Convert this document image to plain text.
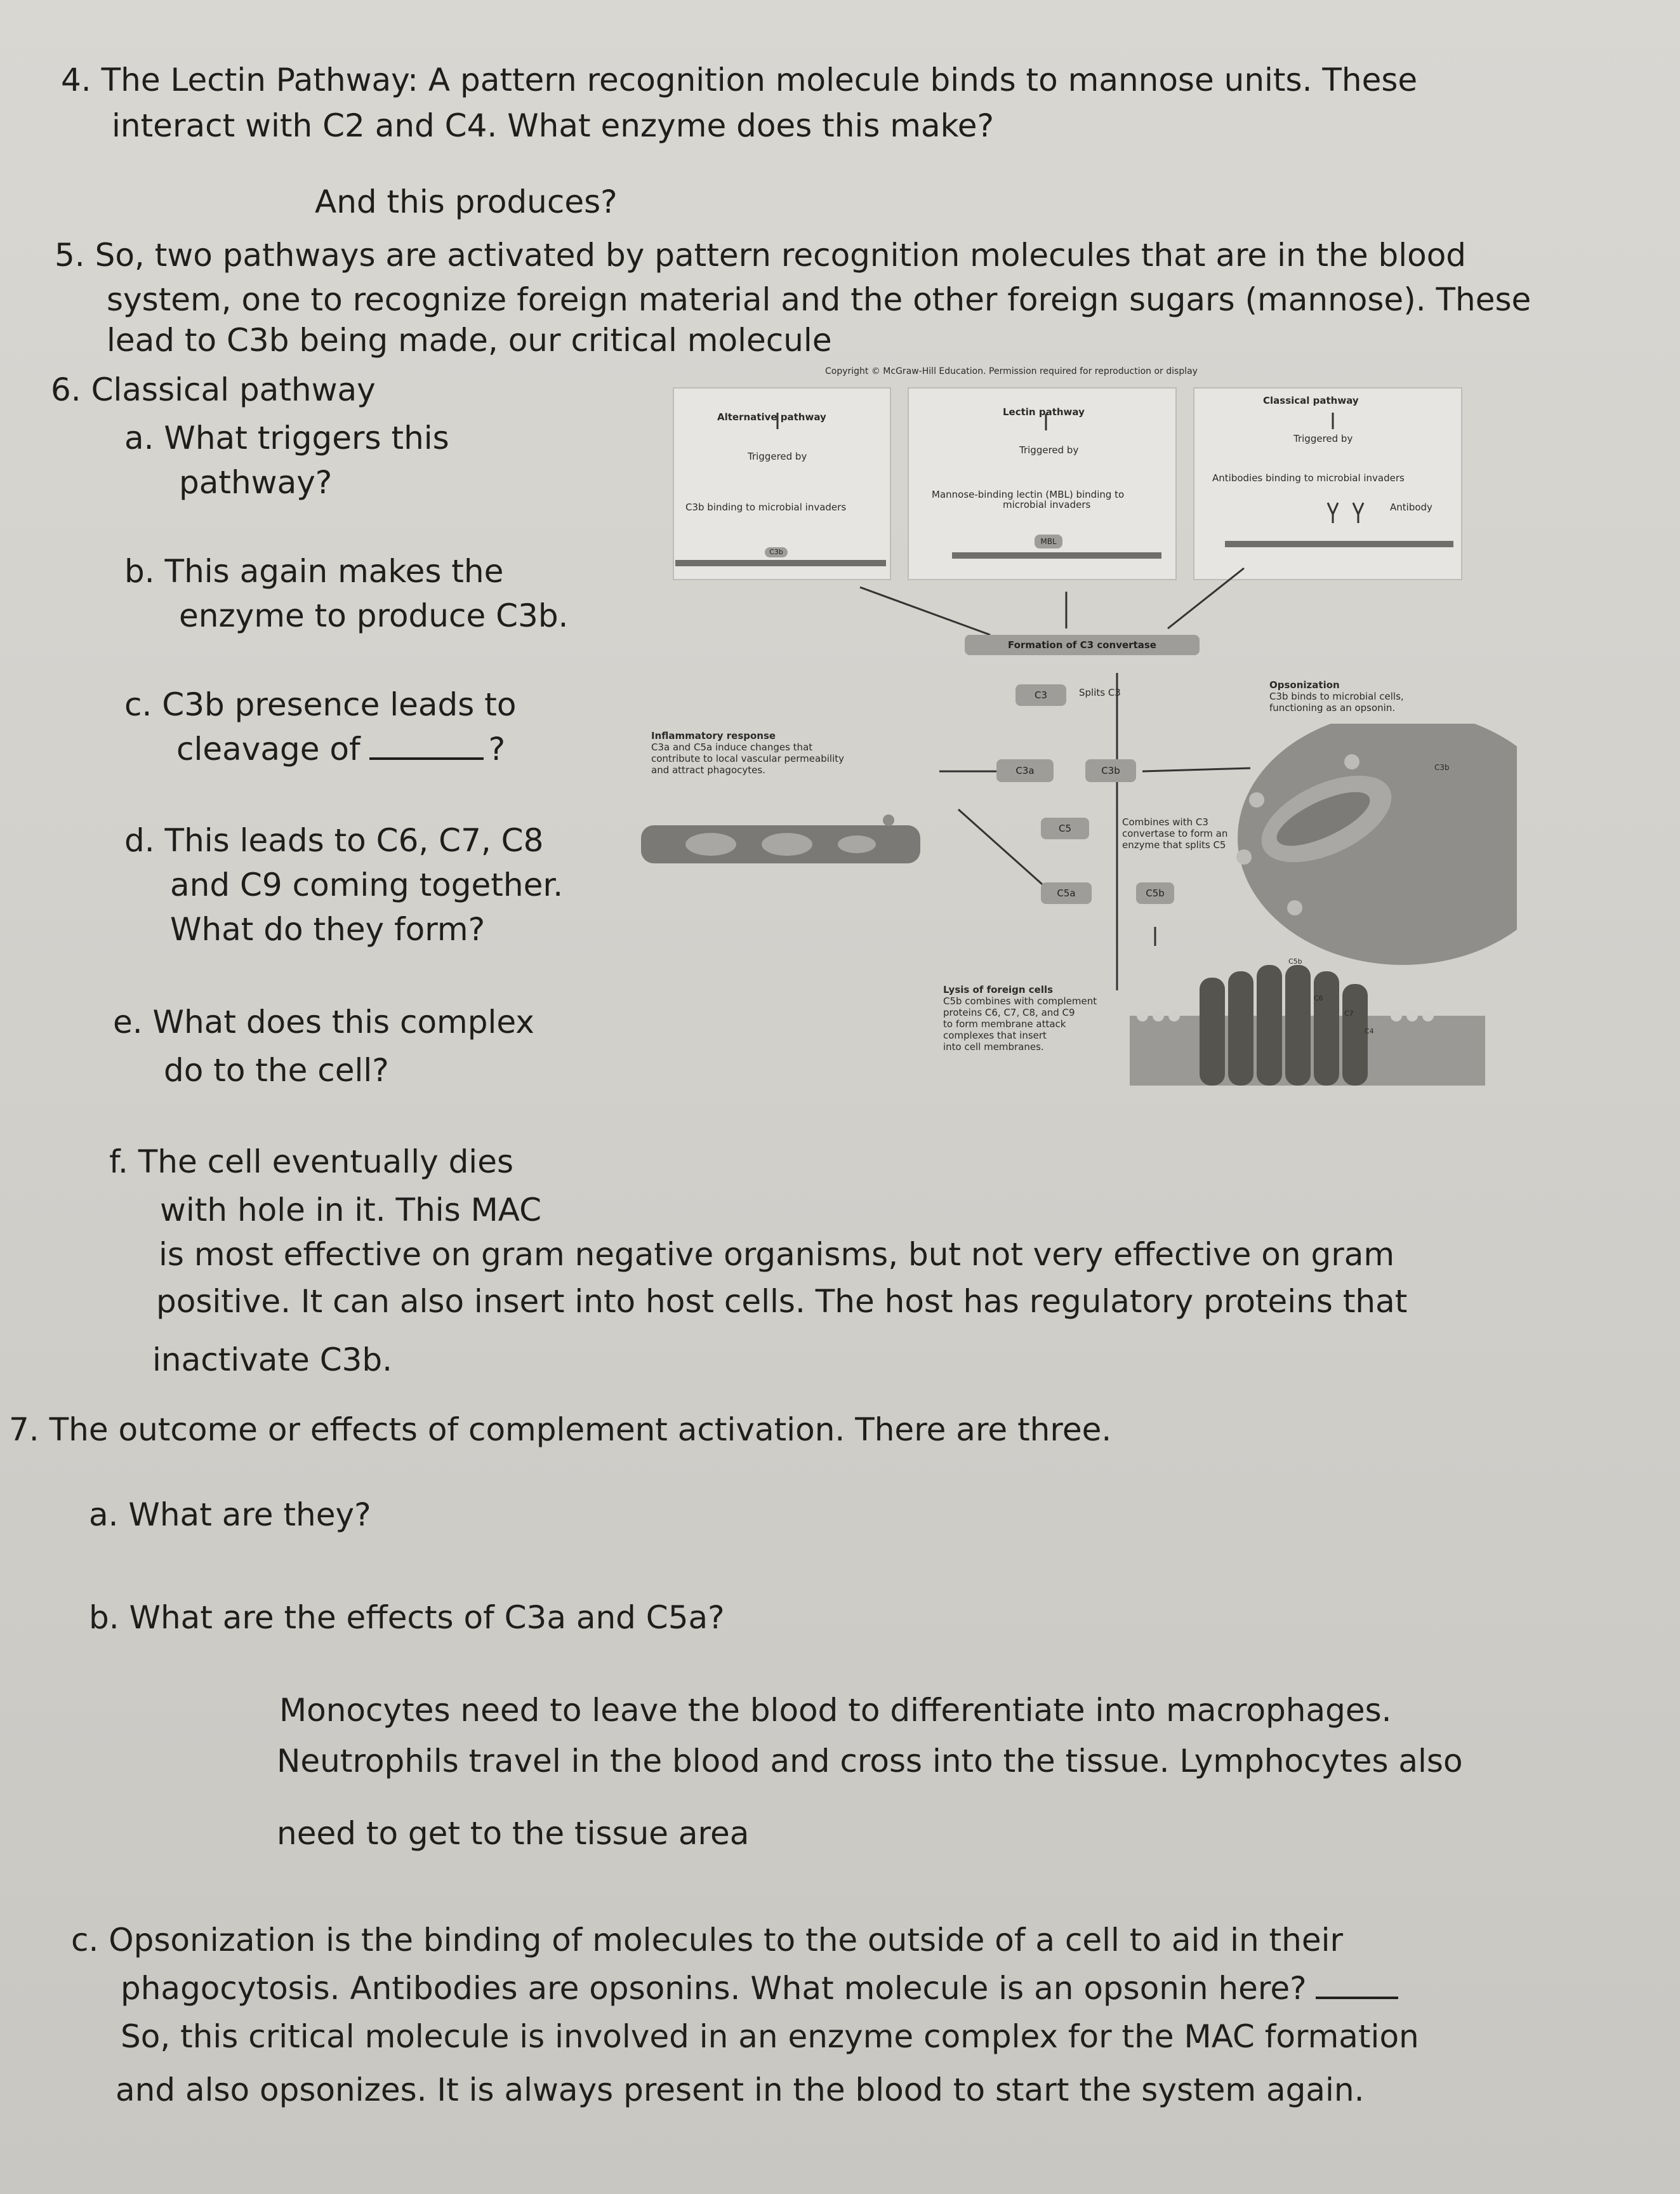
4. The Lectin Pathway: A pattern recognition molecule binds to mannose units. These
interact with C2 and C4. What enzyme does this make?
And this produces?
5. So, two pathways are activated by pattern recognition molecules that are in the blood
system, one to recognize foreign material and the other foreign sugars (mannose). These
lead to C3b being made, our critical molecule
6. Classical pathway
a. What triggers this
pathway?
b. This again makes the
enzyme to produce C3b.
c. C3b presence leads to
cleavage of	?
d. This leads to C6, C7, C8
and C9 coming together.
What do they form?
e. What does this complex
do to the cell?
f. The cell eventually dies
with hole in it. This MAC
is most effective on gram negative organisms, but not very effective on gram
positive. It can also insert into host cells. The host has regulatory proteins that
inactivate C3b.
7. The outcome or effects of complement activation. There are three.
a. What are they?
b. What are the effects of C3a and C5a?
Monocytes need to leave the blood to differentiate into macrophages.
Neutrophils travel in the blood and cross into the tissue. Lymphocytes also
need to get to the tissue area
c. Opsonization is the binding of molecules to the outside of a cell to aid in their
phagocytosis. Antibodies are opsonins. What molecule is an opsonin here?
So, this critical molecule is involved in an enzyme complex for the MAC formation
and also opsonizes. It is always present in the blood to start the system again.
Copyright © McGraw-Hill Education. Permission required for reproduction or display
Alternative pathway
Triggered by
C3b binding to microbial invaders
C3b
Lectin pathway
Triggered by
Mannose-binding lectin (MBL) binding to
microbial invaders
MBL
Classical pathway
Triggered by
Antibodies binding to microbial invaders
Antibody
Formation of C3 convertase
C3	Splits C3
Opsonization
C3b binds to microbial cells,
functioning as an opsonin.
Inflammatory response
C3a and C5a induce changes that
contribute to local vascular permeability
and attract phagocytes.	C3a	C3b
C5
Combines with C3
convertase to form an
enzyme that splits C5
C5a	C5b
C3b
Lysis of foreign cells
C5b combines with complement
proteins C6, C7, C8, and C9
to form membrane attack
complexes that insert
into cell membranes.
C5b
C6
C7
C4
